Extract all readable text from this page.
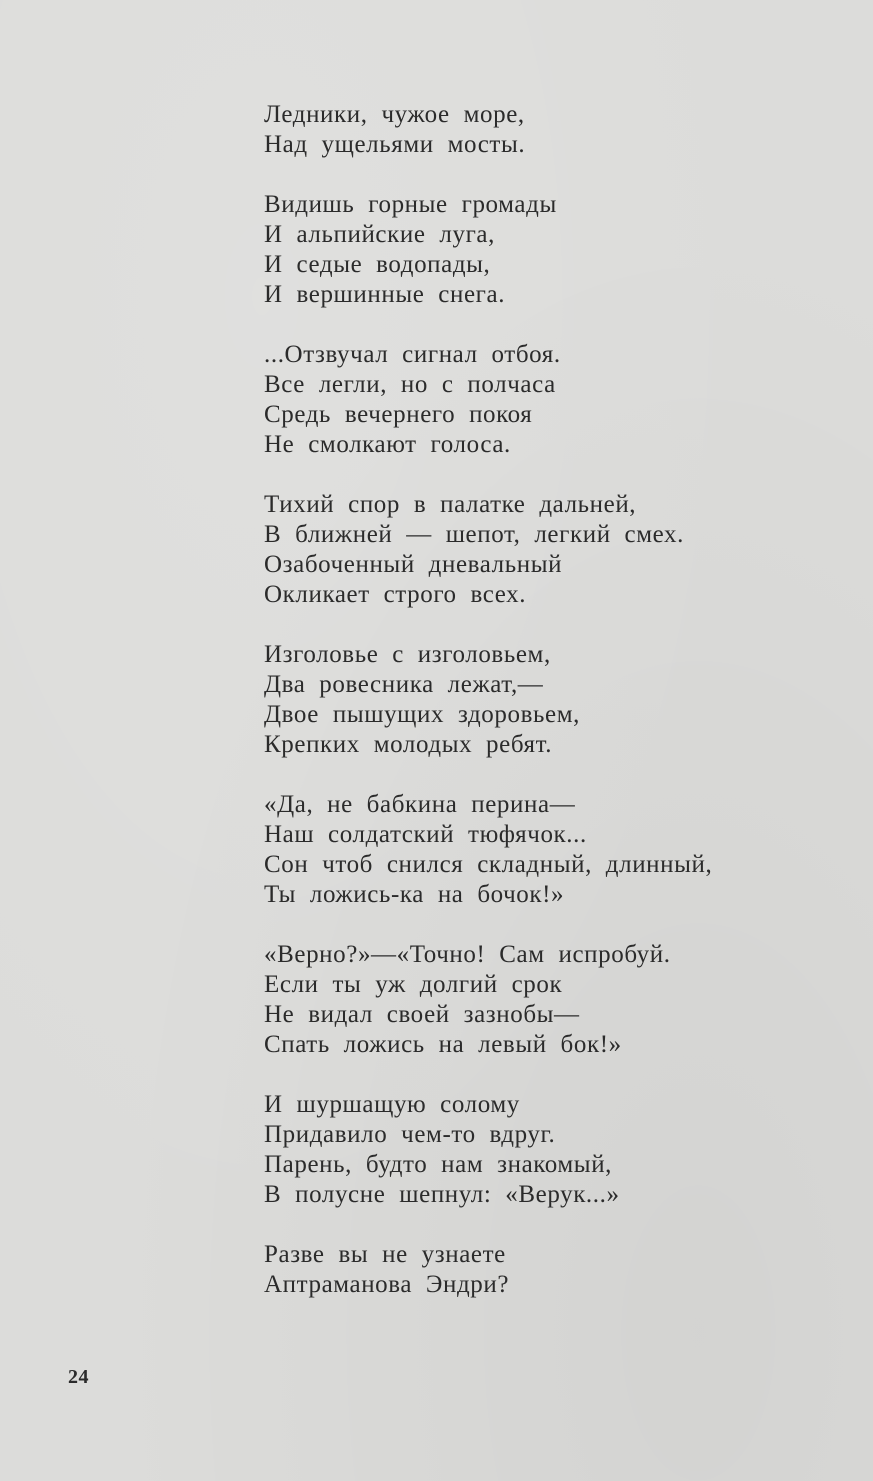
Ледники, чужое море,
Над ущельями мосты.
Видишь горные громады
И альпийские луга,
И седые водопады,
И вершинные снега.
...Отзвучал сигнал отбоя.
Все легли, но с полчаса
Средь вечернего покоя
Не смолкают голоса.
Тихий спор в палатке дальней,
В ближней — шепот, легкий смех.
Озабоченный дневальный
Окликает строго всех.
Изголовье с изголовьем,
Два ровесника лежат,—
Двое пышущих здоровьем,
Крепких молодых ребят.
«Да, не бабкина перина—
Наш солдатский тюфячок...
Сон чтоб снился складный, длинный,
Ты ложись-ка на бочок!»
«Верно?»—«Точно! Сам испробуй.
Если ты уж долгий срок
Не видал своей зазнобы—
Спать ложись на левый бок!»
И шуршащую солому
Придавило чем-то вдруг.
Парень, будто нам знакомый,
В полусне шепнул: «Верук...»
Разве вы не узнаете
Аптраманова Эндри?
24
